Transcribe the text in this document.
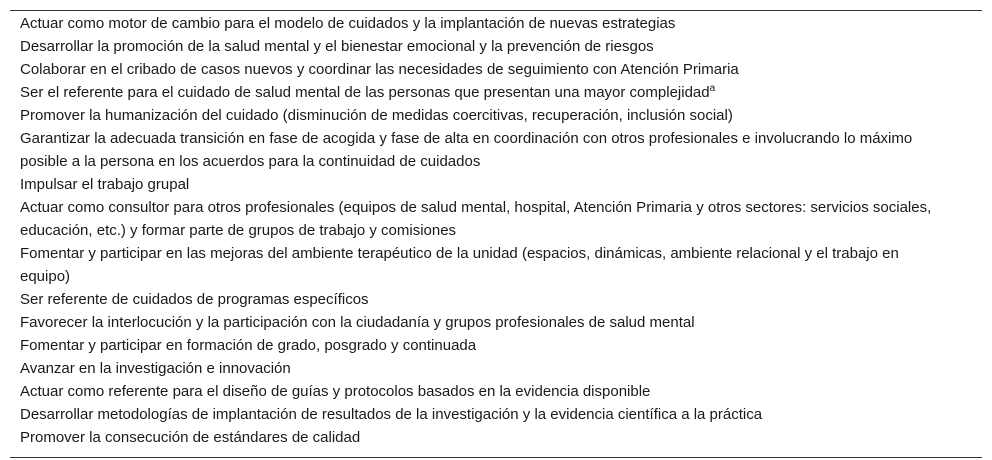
Actuar como motor de cambio para el modelo de cuidados y la implantación de nuevas estrategias
Desarrollar la promoción de la salud mental y el bienestar emocional y la prevención de riesgos
Colaborar en el cribado de casos nuevos y coordinar las necesidades de seguimiento con Atención Primaria
Ser el referente para el cuidado de salud mental de las personas que presentan una mayor complejidad$^a$
Promover la humanización del cuidado (disminución de medidas coercitivas, recuperación, inclusión social)
Garantizar la adecuada transición en fase de acogida y fase de alta en coordinación con otros profesionales e involucrando lo máximo posible a la persona en los acuerdos para la continuidad de cuidados
Impulsar el trabajo grupal
Actuar como consultor para otros profesionales (equipos de salud mental, hospital, Atención Primaria y otros sectores: servicios sociales, educación, etc.) y formar parte de grupos de trabajo y comisiones
Fomentar y participar en las mejoras del ambiente terapéutico de la unidad (espacios, dinámicas, ambiente relacional y el trabajo en equipo)
Ser referente de cuidados de programas específicos
Favorecer la interlocución y la participación con la ciudadanía y grupos profesionales de salud mental
Fomentar y participar en formación de grado, posgrado y continuada
Avanzar en la investigación e innovación
Actuar como referente para el diseño de guías y protocolos basados en la evidencia disponible
Desarrollar metodologías de implantación de resultados de la investigación y la evidencia científica a la práctica
Promover la consecución de estándares de calidad
